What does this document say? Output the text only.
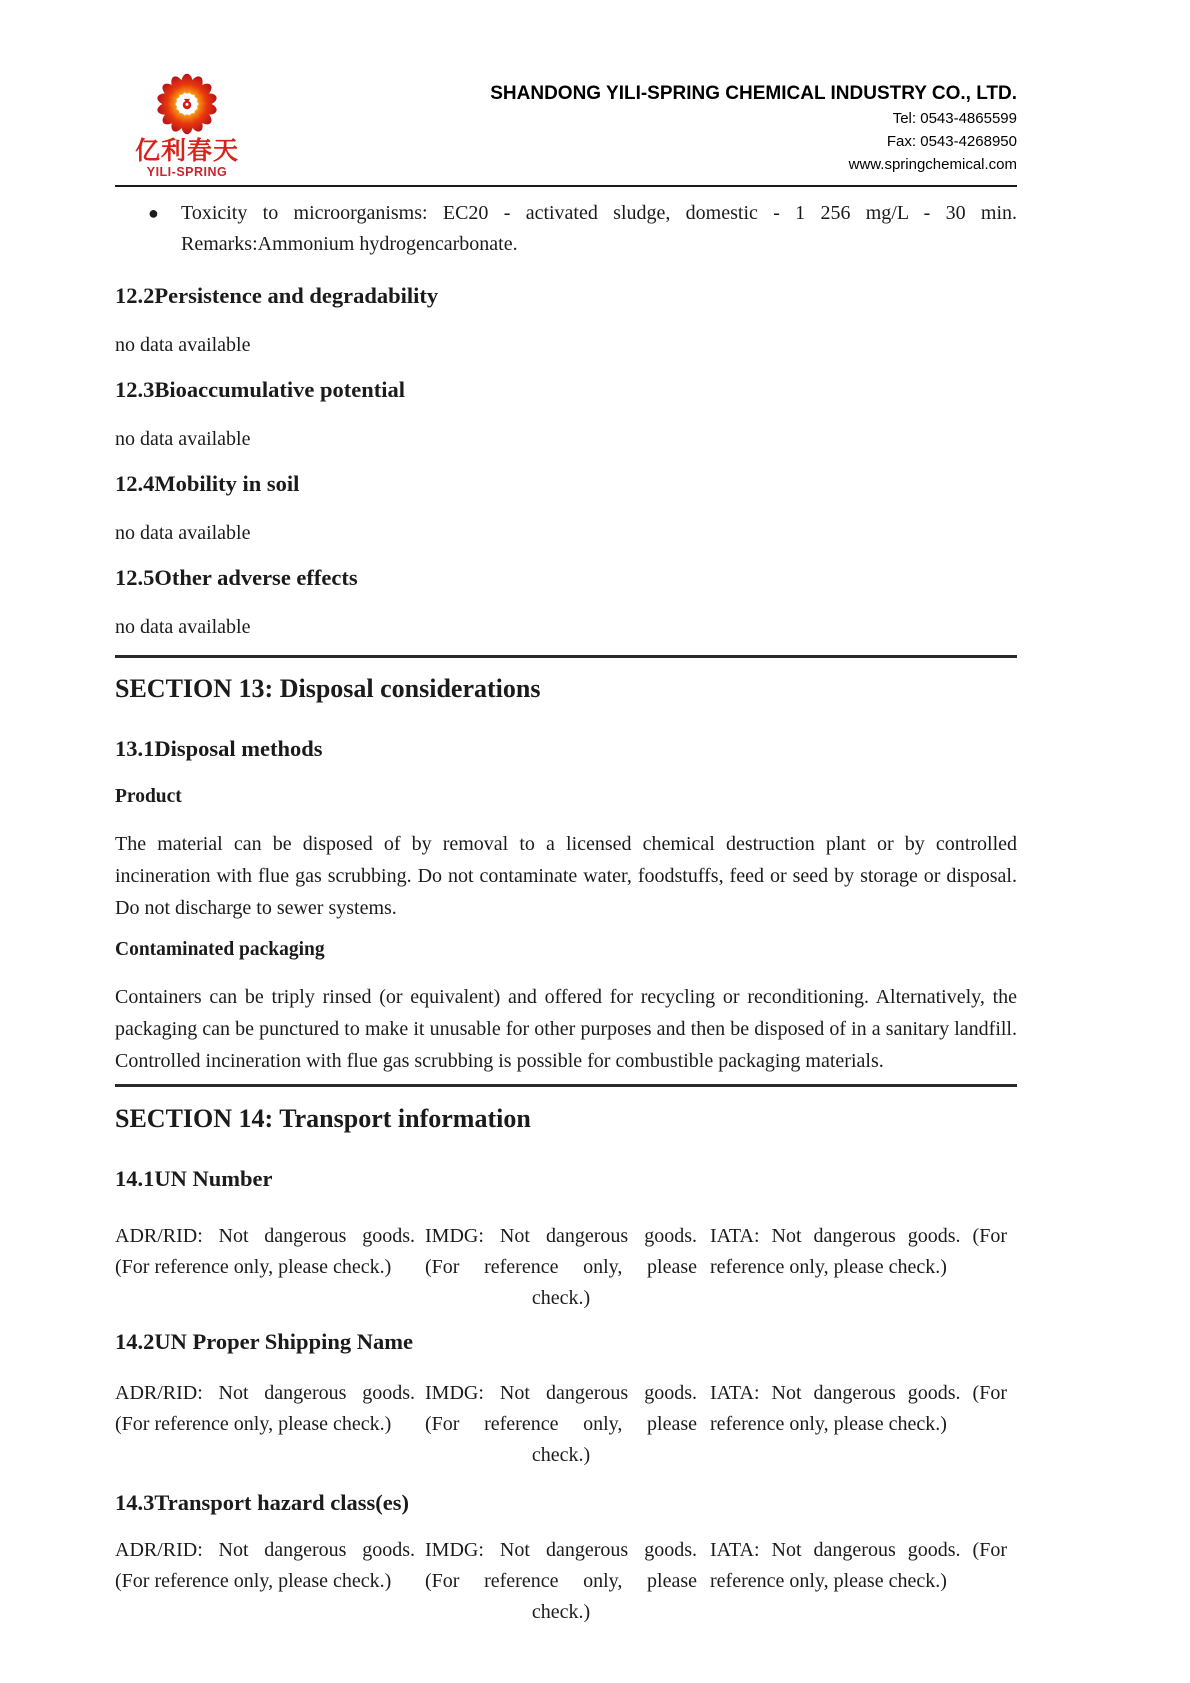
亿利春天
YILI-SPRING
SHANDONG YILI-SPRING CHEMICAL INDUSTRY CO., LTD.
Tel: 0543-4865599
Fax: 0543-4268950
www.springchemical.com
●	Toxicity to microorganisms: EC20 - activated sludge, domestic - 1 256 mg/L - 30 min.
Remarks:Ammonium hydrogencarbonate.
12.2Persistence and degradability
no data available
12.3Bioaccumulative potential
no data available
12.4Mobility in soil
no data available
12.5Other adverse effects
no data available
SECTION 13: Disposal considerations
13.1Disposal methods
Product
The material can be disposed of by removal to a licensed chemical destruction plant or by controlled incineration with flue gas scrubbing. Do not contaminate water, foodstuffs, feed or seed by storage or disposal. Do not discharge to sewer systems.
Contaminated packaging
Containers can be triply rinsed (or equivalent) and offered for recycling or reconditioning. Alternatively, the packaging can be punctured to make it unusable for other purposes and then be disposed of in a sanitary landfill. Controlled incineration with flue gas scrubbing is possible for combustible packaging materials.
SECTION 14: Transport information
14.1UN Number
ADR/RID: Not dangerous goods. (For reference only, please check.)
IMDG: Not dangerous goods. (For reference only, please check.)
IATA: Not dangerous goods. (For reference only, please check.)
14.2UN Proper Shipping Name
ADR/RID: Not dangerous goods. (For reference only, please check.)
IMDG: Not dangerous goods. (For reference only, please check.)
IATA: Not dangerous goods. (For reference only, please check.)
14.3Transport hazard class(es)
ADR/RID: Not dangerous goods. (For reference only, please check.)
IMDG: Not dangerous goods. (For reference only, please check.)
IATA: Not dangerous goods. (For reference only, please check.)
